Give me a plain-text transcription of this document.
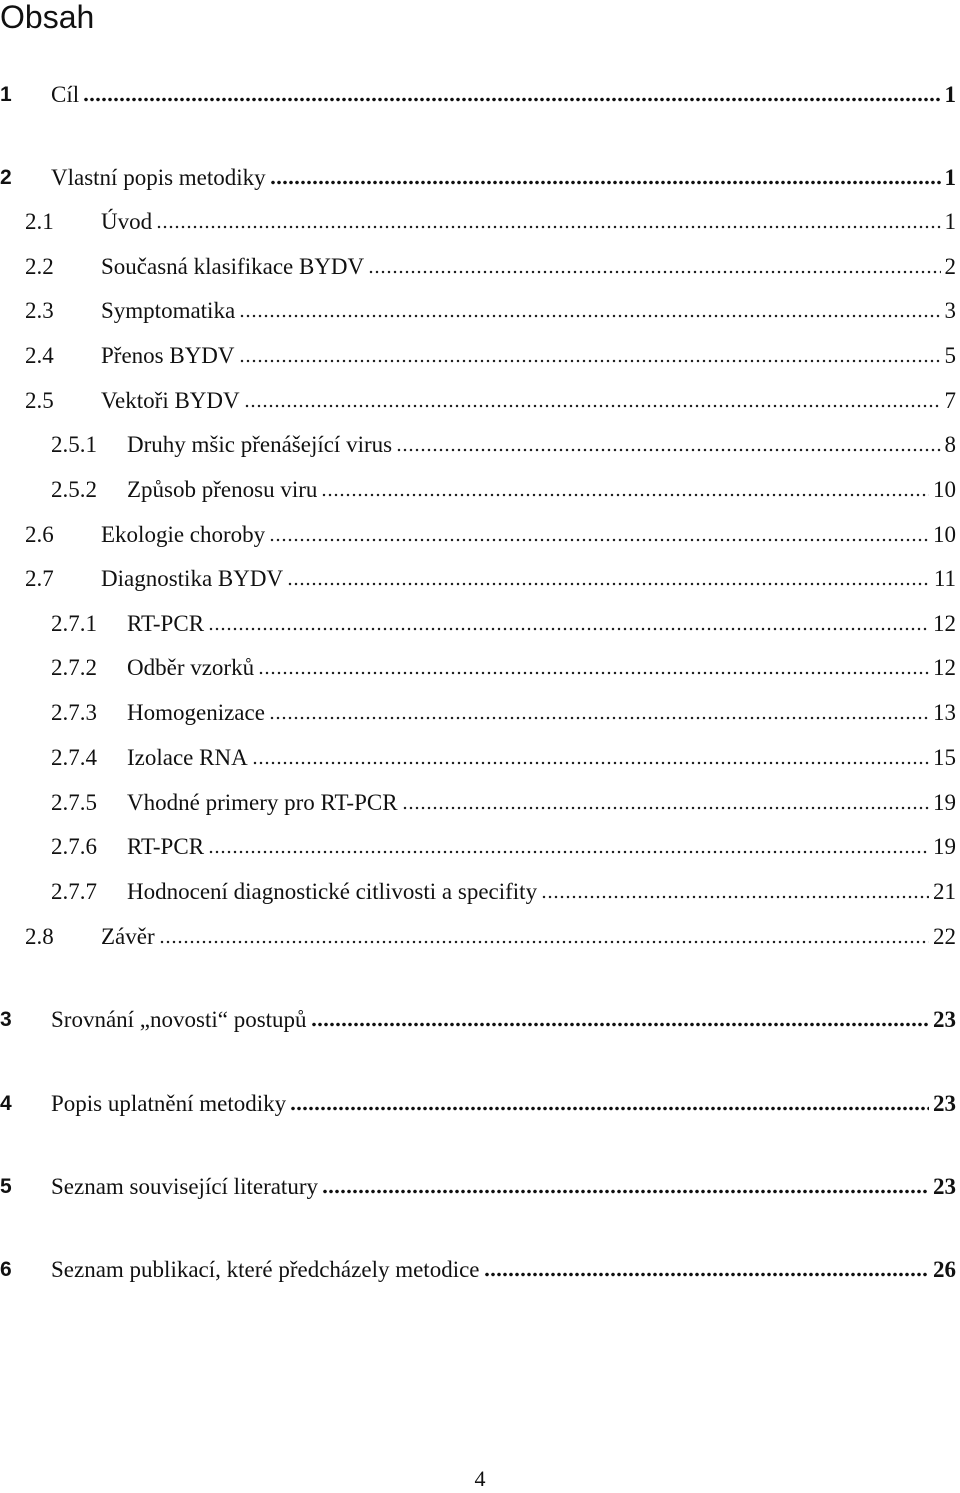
Obsah
1 Cíl	1
2 Vlastní popis metodiky	1
2.1 Úvod	1
2.2 Současná klasifikace BYDV	2
2.3 Symptomatika	3
2.4 Přenos BYDV	5
2.5 Vektoři BYDV	7
2.5.1 Druhy mšic přenášející virus	8
2.5.2 Způsob přenosu viru	10
2.6 Ekologie choroby	10
2.7 Diagnostika BYDV	11
2.7.1 RT-PCR	12
2.7.2 Odběr vzorků	12
2.7.3 Homogenizace	13
2.7.4 Izolace RNA	15
2.7.5 Vhodné primery pro RT-PCR	19
2.7.6 RT-PCR	19
2.7.7 Hodnocení diagnostické citlivosti a specifity	21
2.8 Závěr	22
3 Srovnání „novosti“ postupů	23
4 Popis uplatnění metodiky	23
5 Seznam související literatury	23
6 Seznam publikací, které předcházely metodice	26
4
